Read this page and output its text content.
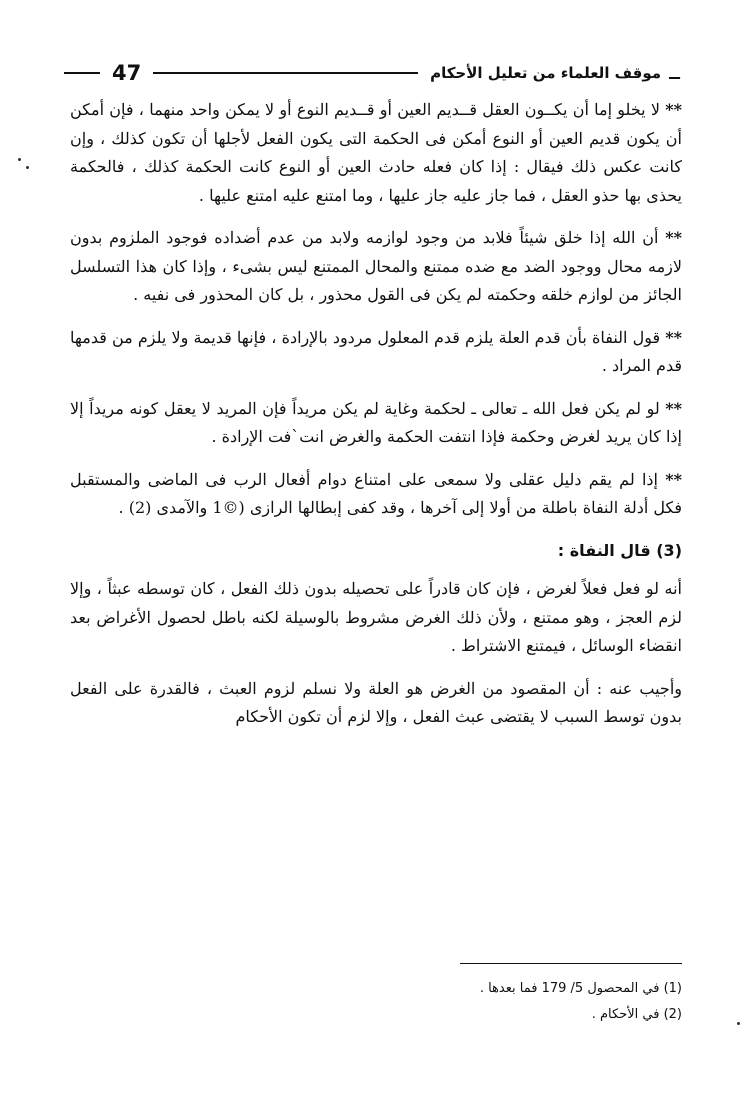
ــ
موقف العلماء من تعليل الأحكام
47

** لا يخلو إما أن يكــون العقل قــديم العين أو قــديم النوع أو لا يمكن واحد منهما ، فإن أمكن أن يكون قديم العين أو النوع أمكن فى الحكمة التى يكون الفعل لأجلها أن تكون كذلك ، وإن كانت عكس ذلك فيقال : إذا كان فعله حادث العين أو النوع كانت الحكمة كذلك ، فالحكمة يحذى بها حذو العقل ، فما جاز عليه جاز عليها ، وما امتنع عليه امتنع عليها .

** أن الله إذا خلق شيئاً فلابد من وجود لوازمه ولابد من عدم أضداده فوجود الملزوم بدون لازمه محال ووجود الضد مع ضده ممتنع والمحال الممتنع ليس بشىء ، وإذا كان هذا التسلسل الجائز من لوازم خلقه وحكمته لم يكن فى القول محذور ، بل كان المحذور فى نفيه .

** قول النفاة بأن قدم العلة يلزم قدم المعلول مردود بالإرادة ، فإنها قديمة ولا يلزم من قدمها قدم المراد .

** لو لم يكن فعل الله ـ تعالى ـ لحكمة وغاية لم يكن مريداً فإن المريد لا يعقل كونه مريداً إلا إذا كان يريد لغرض وحكمة فإذا انتفت الحكمة والغرض انت`فت الإرادة .

** إذا لم يقم دليل عقلى ولا سمعى على امتناع دوام أفعال الرب فى الماضى والمستقبل فكل أدلة النفاة باطلة من أولا إلى آخرها ، وقد كفى إبطالها الرازى (©1 والآمدى (2) .

(3) قال النفاة :

أنه لو فعل فعلاً لغرض ، فإن كان قادراً على تحصيله بدون ذلك الفعل ، كان توسطه عبثاً ، وإلا لزم العجز ، وهو ممتنع ، ولأن ذلك الغرض مشروط بالوسيلة لكنه باطل لحصول الأغراض بعد انقضاء الوسائل ، فيمتنع الاشتراط .

وأجيب عنه : أن المقصود من الغرض هو العلة ولا نسلم لزوم العبث ، فالقدرة على الفعل بدون توسط السبب لا يقتضى عبث الفعل ، وإلا لزم أن تكون الأحكام

(1) في المحصول 5/ 179 فما بعدها .
(2) في الأحكام .
